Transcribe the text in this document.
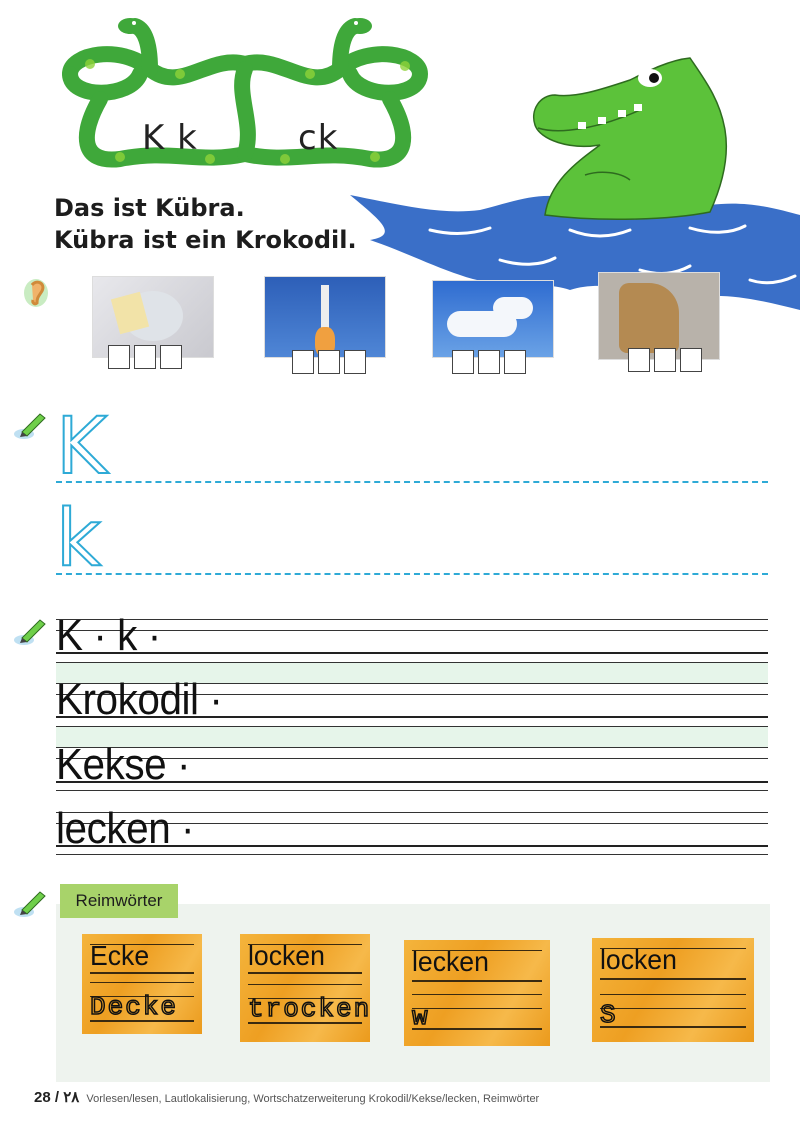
K k	ck
Das ist Kübra.
Kübra ist ein Krokodil.
K
k
K · k ·
Krokodil ·
Kekse ·
lecken ·
Reimwörter
Ecke
Decke
locken
trocken
lecken
w
locken
S
28 / ٢٨ Vorlesen/lesen, Lautlokalisierung, Wortschatzerweiterung Krokodil/Kekse/lecken, Reimwörter
